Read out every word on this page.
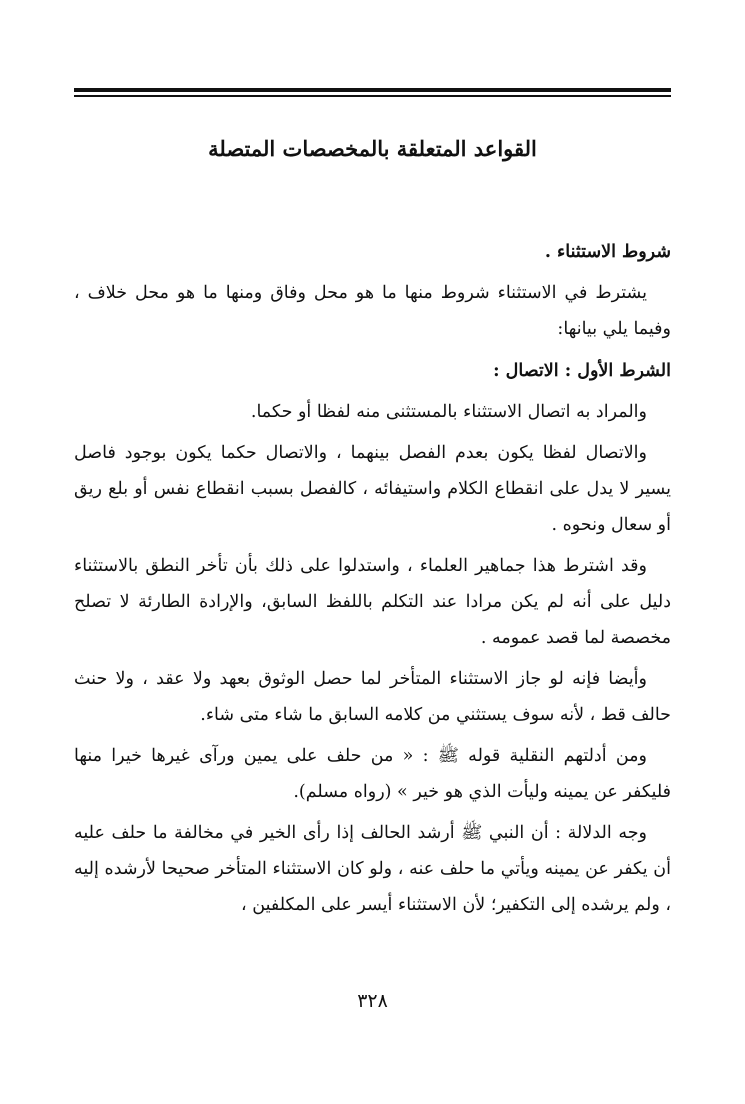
القواعد المتعلقة بالمخصصات المتصلة

شروط الاستثناء .

يشترط في الاستثناء شروط منها ما هو محل وفاق ومنها ما هو محل خلاف ، وفيما يلي بيانها:

الشرط الأول : الاتصال :

والمراد به اتصال الاستثناء بالمستثنى منه لفظا أو حكما.

والاتصال لفظا يكون بعدم الفصل بينهما ، والاتصال حكما يكون بوجود فاصل يسير لا يدل على انقطاع الكلام واستيفائه ، كالفصل بسبب انقطاع نفس أو بلع ريق أو سعال ونحوه .

وقد اشترط هذا جماهير العلماء ، واستدلوا على ذلك بأن تأخر النطق بالاستثناء دليل على أنه لم يكن مرادا عند التكلم باللفظ السابق، والإرادة الطارئة لا تصلح مخصصة لما قصد عمومه .

وأيضا فإنه لو جاز الاستثناء المتأخر لما حصل الوثوق بعهد ولا عقد ، ولا حنث حالف قط ، لأنه سوف يستثني من كلامه السابق ما شاء متى شاء.

ومن أدلتهم النقلية قوله ﷺ : « من حلف على يمين ورآى غيرها خيرا منها فليكفر عن يمينه وليأت الذي هو خير » (رواه مسلم).

وجه الدلالة : أن النبي ﷺ أرشد الحالف إذا رأى الخير في مخالفة ما حلف عليه أن يكفر عن يمينه ويأتي ما حلف عنه ، ولو كان الاستثناء المتأخر صحيحا لأرشده إليه ، ولم يرشده إلى التكفير؛ لأن الاستثناء أيسر على المكلفين ،

٣٢٨
